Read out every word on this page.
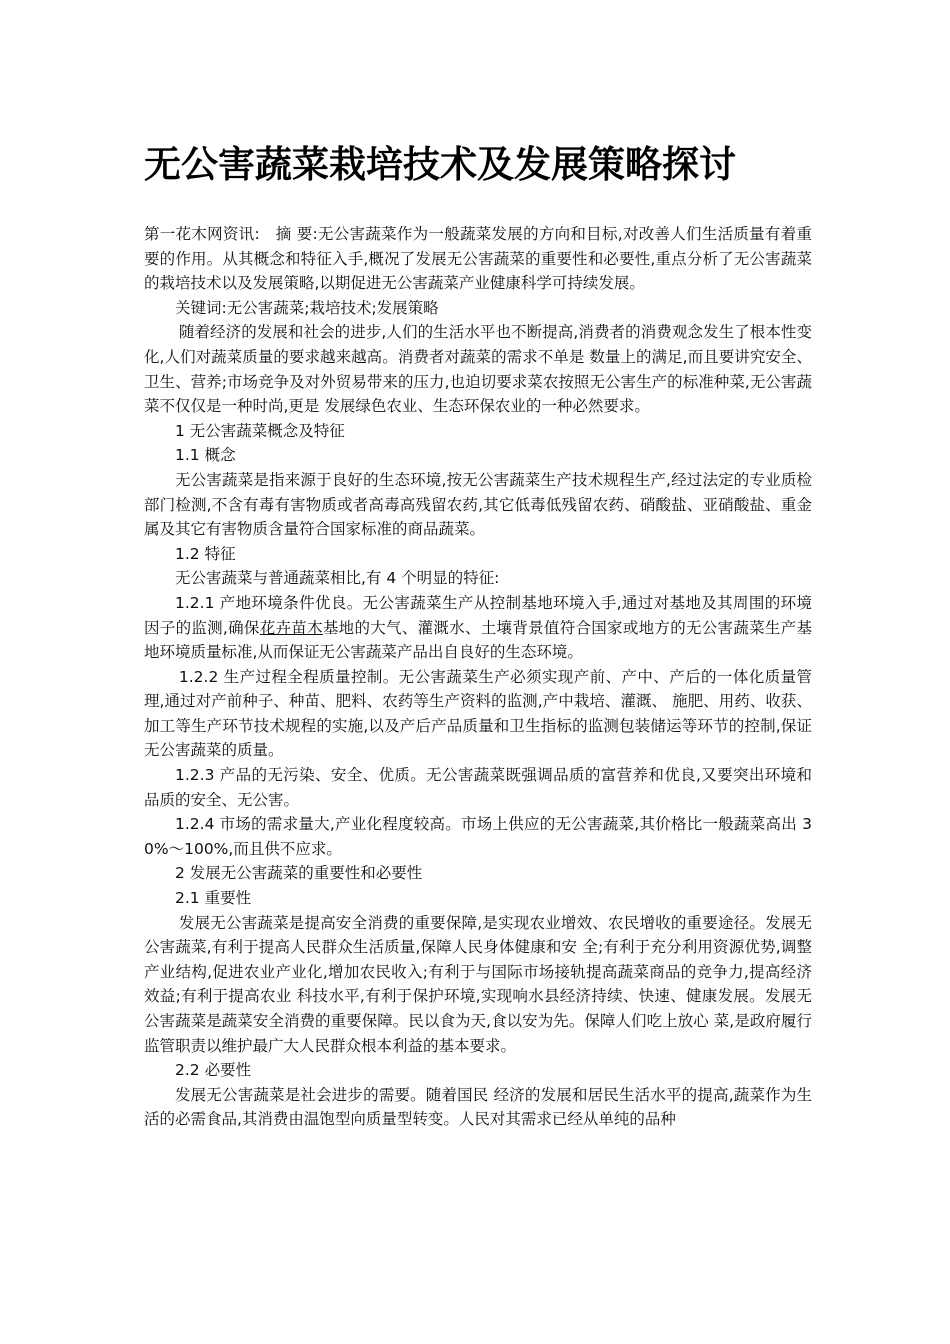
无公害蔬菜栽培技术及发展策略探讨

第一花木网资讯:　摘 要:无公害蔬菜作为一般蔬菜发展的方向和目标,对改善人们生活质量有着重要的作用。从其概念和特征入手,概况了发展无公害蔬菜的重要性和必要性,重点分析了无公害蔬菜的栽培技术以及发展策略,以期促进无公害蔬菜产业健康科学可持续发展。

关键词:无公害蔬菜;栽培技术;发展策略

随着经济的发展和社会的进步,人们的生活水平也不断提高,消费者的消费观念发生了根本性变化,人们对蔬菜质量的要求越来越高。消费者对蔬菜的需求不单是 数量上的满足,而且要讲究安全、卫生、营养;市场竞争及对外贸易带来的压力,也迫切要求菜农按照无公害生产的标准种菜,无公害蔬菜不仅仅是一种时尚,更是 发展绿色农业、生态环保农业的一种必然要求。

1 无公害蔬菜概念及特征

1.1 概念

无公害蔬菜是指来源于良好的生态环境,按无公害蔬菜生产技术规程生产,经过法定的专业质检部门检测,不含有毒有害物质或者高毒高残留农药,其它低毒低残留农药、硝酸盐、亚硝酸盐、重金属及其它有害物质含量符合国家标准的商品蔬菜。

1.2 特征

无公害蔬菜与普通蔬菜相比,有 4 个明显的特征:

1.2.1 产地环境条件优良。无公害蔬菜生产从控制基地环境入手,通过对基地及其周围的环境因子的监测,确保花卉苗木基地的大气、灌溉水、土壤背景值符合国家或地方的无公害蔬菜生产基地环境质量标准,从而保证无公害蔬菜产品出自良好的生态环境。

1.2.2 生产过程全程质量控制。无公害蔬菜生产必须实现产前、产中、产后的一体化质量管理,通过对产前种子、种苗、肥料、农药等生产资料的监测,产中栽培、灌溉、 施肥、用药、收获、加工等生产环节技术规程的实施,以及产后产品质量和卫生指标的监测包装储运等环节的控制,保证无公害蔬菜的质量。

1.2.3 产品的无污染、安全、优质。无公害蔬菜既强调品质的富营养和优良,又要突出环境和品质的安全、无公害。

1.2.4 市场的需求量大,产业化程度较高。市场上供应的无公害蔬菜,其价格比一般蔬菜高出 30%～100%,而且供不应求。

2 发展无公害蔬菜的重要性和必要性

2.1 重要性

发展无公害蔬菜是提高安全消费的重要保障,是实现农业增效、农民增收的重要途径。发展无公害蔬菜,有利于提高人民群众生活质量,保障人民身体健康和安 全;有利于充分利用资源优势,调整产业结构,促进农业产业化,增加农民收入;有利于与国际市场接轨提高蔬菜商品的竞争力,提高经济效益;有利于提高农业 科技水平,有利于保护环境,实现响水县经济持续、快速、健康发展。发展无公害蔬菜是蔬菜安全消费的重要保障。民以食为天,食以安为先。保障人们吃上放心 菜,是政府履行监管职责以维护最广大人民群众根本利益的基本要求。

2.2 必要性

发展无公害蔬菜是社会进步的需要。随着国民 经济的发展和居民生活水平的提高,蔬菜作为生活的必需食品,其消费由温饱型向质量型转变。人民对其需求已经从单纯的品种
